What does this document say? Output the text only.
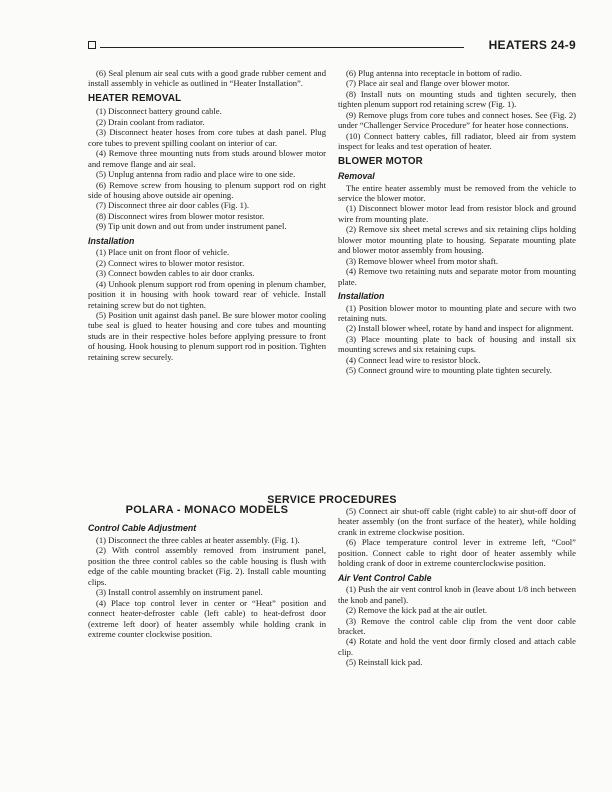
HEATERS 24-9

(6) Seal plenum air seal cuts with a good grade rubber cement and install assembly in vehicle as outlined in “Heater Installation”.

HEATER REMOVAL

(1) Disconnect battery ground cable.

(2) Drain coolant from radiator.

(3) Disconnect heater hoses from core tubes at dash panel. Plug core tubes to prevent spilling coolant on interior of car.

(4) Remove three mounting nuts from studs around blower motor and remove flange and air seal.

(5) Unplug antenna from radio and place wire to one side.

(6) Remove screw from housing to plenum support rod on right side of housing above outside air opening.

(7) Disconnect three air door cables (Fig. 1).

(8) Disconnect wires from blower motor resistor.

(9) Tip unit down and out from under instrument panel.

Installation

(1) Place unit on front floor of vehicle.

(2) Connect wires to blower motor resistor.

(3) Connect bowden cables to air door cranks.

(4) Unhook plenum support rod from opening in plenum chamber, position it in housing with hook toward rear of vehicle. Install retaining screw but do not tighten.

(5) Position unit against dash panel. Be sure blower motor cooling tube seal is glued to heater housing and core tubes and mounting studs are in their respective holes before applying pressure to front of housing. Hook housing to plenum support rod in position. Tighten retaining screw securely.

(6) Plug antenna into receptacle in bottom of radio.

(7) Place air seal and flange over blower motor.

(8) Install nuts on mounting studs and tighten securely, then tighten plenum support rod retaining screw (Fig. 1).

(9) Remove plugs from core tubes and connect hoses. See (Fig. 2) under “Challenger Service Procedure” for heater hose connections.

(10) Connect battery cables, fill radiator, bleed air from system inspect for leaks and test operation of heater.

BLOWER MOTOR
Removal

The entire heater assembly must be removed from the vehicle to service the blower motor.

(1) Disconnect blower motor lead from resistor block and ground wire from mounting plate.

(2) Remove six sheet metal screws and six retaining clips holding blower motor mounting plate to housing. Separate mounting plate and blower motor assembly from housing.

(3) Remove blower wheel from motor shaft.

(4) Remove two retaining nuts and separate motor from mounting plate.

Installation

(1) Position blower motor to mounting plate and secure with two retaining nuts.

(2) Install blower wheel, rotate by hand and inspect for alignment.

(3) Place mounting plate to back of housing and install six mounting screws and six retaining cups.

(4) Connect lead wire to resistor block.

(5) Connect ground wire to mounting plate tighten securely.

SERVICE PROCEDURES
POLARA - MONACO MODELS
Control Cable Adjustment

(1) Disconnect the three cables at heater assembly. (Fig. 1).

(2) With control assembly removed from instrument panel, position the three control cables so the cable housing is flush with edge of the cable mounting bracket (Fig. 2). Install cable mounting clips.

(3) Install control assembly on instrument panel.

(4) Place top control lever in center or “Heat” position and connect heater-defroster cable (left cable) to heat-defrost door (extreme left door) of heater assembly while holding crank in extreme counter clockwise position.

(5) Connect air shut-off cable (right cable) to air shut-off door of heater assembly (on the front surface of the heater), while holding crank in extreme clockwise position.

(6) Place temperature control lever in extreme left, “Cool” position. Connect cable to right door of heater assembly while holding crank of door in extreme counterclockwise position.

Air Vent Control Cable

(1) Push the air vent control knob in (leave about 1/8 inch between the knob and panel).

(2) Remove the kick pad at the air outlet.

(3) Remove the control cable clip from the vent door cable bracket.

(4) Rotate and hold the vent door firmly closed and attach cable clip.

(5) Reinstall kick pad.
